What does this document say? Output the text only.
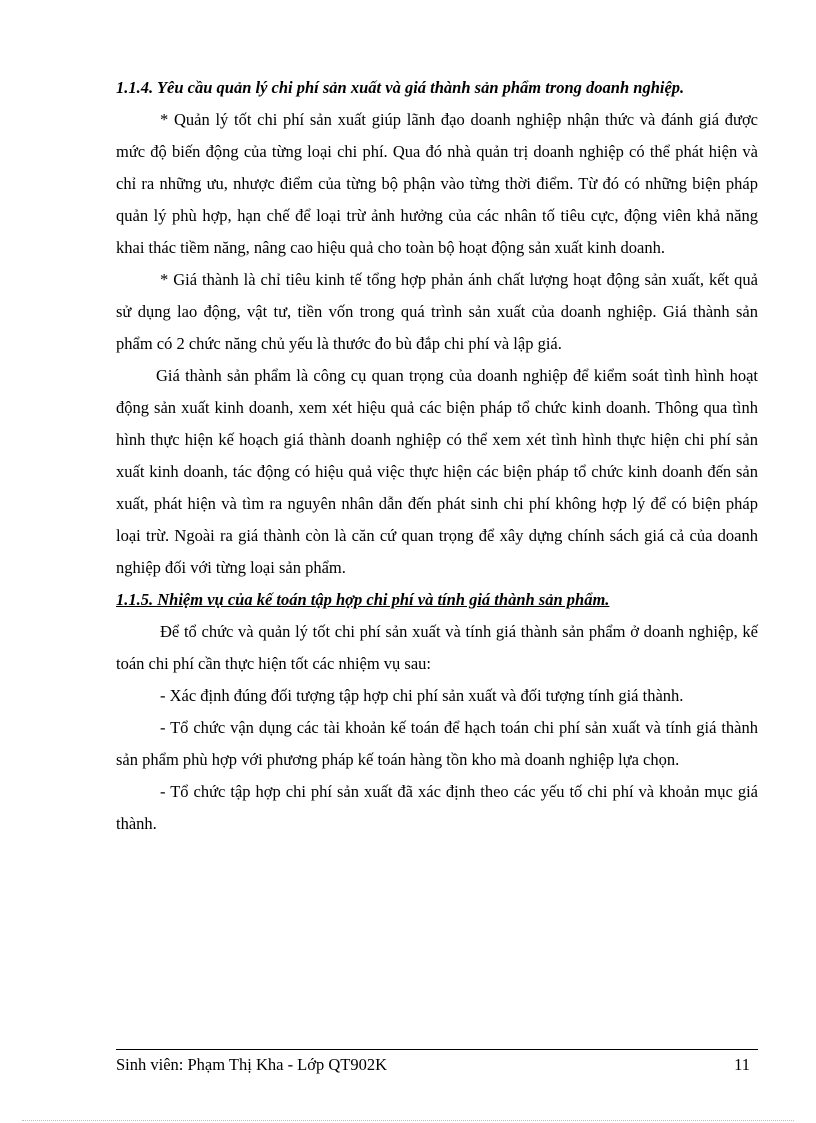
1.1.4. Yêu cầu quản lý chi phí sản xuất và giá thành sản phẩm trong doanh nghiệp.

* Quản lý tốt chi phí sản xuất giúp lãnh đạo doanh nghiệp nhận thức và đánh giá được mức độ biến động của từng loại chi phí. Qua đó nhà quản trị doanh nghiệp có thể phát hiện và chỉ ra những ưu, nhược điểm của từng bộ phận vào từng thời điểm. Từ đó có những biện pháp quản lý phù hợp, hạn chế để loại trừ ảnh hưởng của các nhân tố tiêu cực, động viên khả năng khai thác tiềm năng, nâng cao hiệu quả cho toàn bộ hoạt động sản xuất kinh doanh.

* Giá thành là chỉ tiêu kinh tế tổng hợp phản ánh chất lượng hoạt động sản xuất, kết quả sử dụng lao động, vật tư, tiền vốn trong quá trình sản xuất của doanh nghiệp. Giá thành sản phẩm có 2 chức năng chủ yếu là thước đo bù đắp chi phí và lập giá.

Giá thành sản phẩm là công cụ quan trọng của doanh nghiệp để kiểm soát tình hình hoạt động sản xuất kinh doanh, xem xét hiệu quả các biện pháp tổ chức kinh doanh. Thông qua tình hình thực hiện kế hoạch giá thành doanh nghiệp có thể xem xét tình hình thực hiện chi phí sản xuất kinh doanh, tác động có hiệu quả việc thực hiện các biện pháp tổ chức kinh doanh đến sản xuất, phát hiện và tìm ra nguyên nhân dẫn đến phát sinh chi phí không hợp lý để có biện pháp loại trừ. Ngoài ra giá thành còn là căn cứ quan trọng để xây dựng chính sách giá cả của doanh nghiệp đối với từng loại sản phẩm.

1.1.5. Nhiệm vụ của kế toán tập hợp chi phí và tính giá thành sản phẩm.

Để tổ chức và quản lý tốt chi phí sản xuất và tính giá thành sản phẩm ở doanh nghiệp, kế toán chi phí cần thực hiện tốt các nhiệm vụ sau:

- Xác định đúng đối tượng tập hợp chi phí sản xuất và đối tượng tính giá thành.

- Tổ chức vận dụng các tài khoản kế toán để hạch toán chi phí sản xuất và tính giá thành sản phẩm phù hợp với phương pháp kế toán hàng tồn kho mà doanh nghiệp lựa chọn.

- Tổ chức tập hợp chi phí sản xuất đã xác định theo các yếu tố chi phí và khoản mục giá thành.

Sinh viên: Phạm Thị Kha - Lớp QT902K	11
